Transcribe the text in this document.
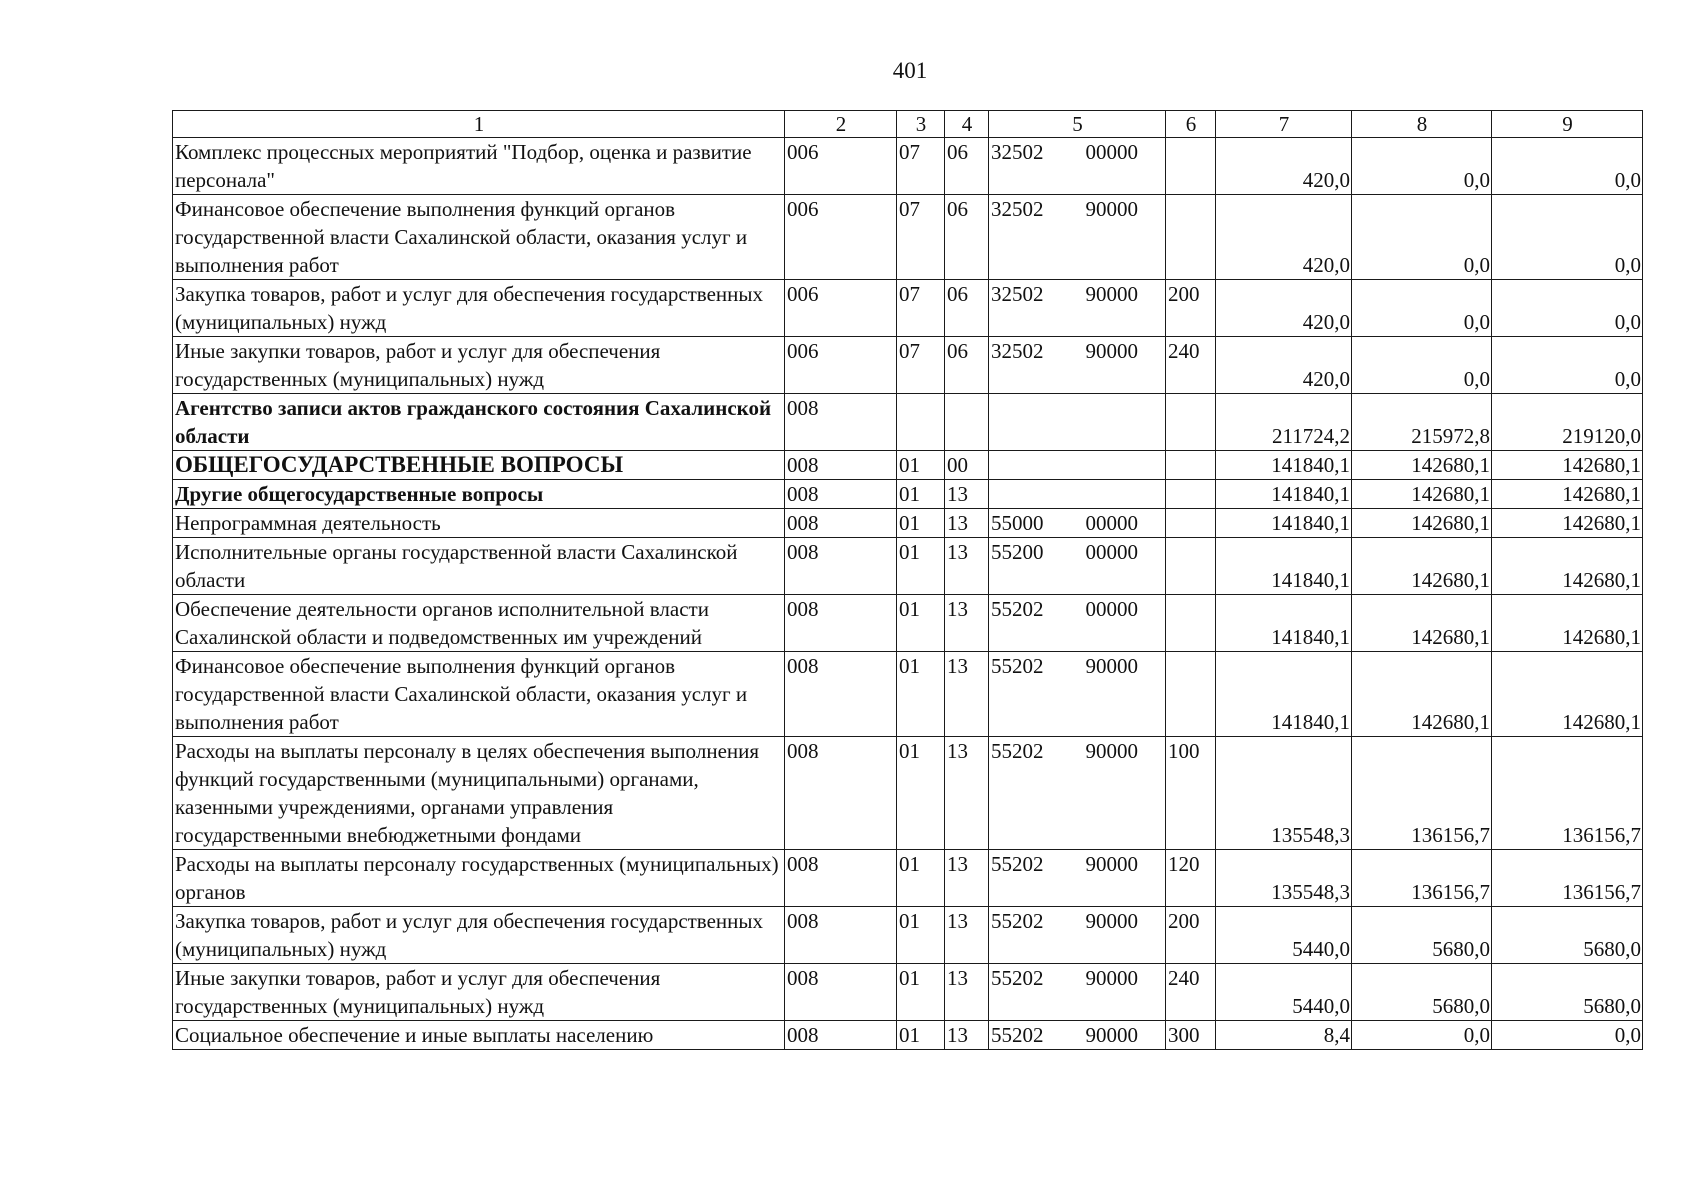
401
1	2	3	4	5		6	7	8	9
Комплекс процессных мероприятий "Подбор, оценка и развитие персонала"	006	07	06	32502	00000		420,0	0,0	0,0
Финансовое обеспечение выполнения функций органов государственной власти Сахалинской области, оказания услуг и выполнения работ	006	07	06	32502	90000		420,0	0,0	0,0
Закупка товаров, работ и услуг для обеспечения государственных (муниципальных) нужд	006	07	06	32502	90000	200	420,0	0,0	0,0
Иные закупки товаров, работ и услуг для обеспечения государственных (муниципальных) нужд	006	07	06	32502	90000	240	420,0	0,0	0,0
Агентство записи актов гражданского состояния Сахалинской области	008						211724,2	215972,8	219120,0
ОБЩЕГОСУДАРСТВЕННЫЕ ВОПРОСЫ	008	01	00				141840,1	142680,1	142680,1
Другие общегосударственные вопросы	008	01	13				141840,1	142680,1	142680,1
Непрограммная деятельность	008	01	13	55000	00000		141840,1	142680,1	142680,1
Исполнительные органы государственной власти Сахалинской области	008	01	13	55200	00000		141840,1	142680,1	142680,1
Обеспечение деятельности органов исполнительной власти Сахалинской области и подведомственных им учреждений	008	01	13	55202	00000		141840,1	142680,1	142680,1
Финансовое обеспечение выполнения функций органов государственной власти Сахалинской области, оказания услуг и выполнения работ	008	01	13	55202	90000		141840,1	142680,1	142680,1
Расходы на выплаты персоналу в целях обеспечения выполнения функций государственными (муниципальными) органами, казенными учреждениями, органами управления государственными внебюджетными фондами	008	01	13	55202	90000	100	135548,3	136156,7	136156,7
Расходы на выплаты персоналу государственных (муниципальных) органов	008	01	13	55202	90000	120	135548,3	136156,7	136156,7
Закупка товаров, работ и услуг для обеспечения государственных (муниципальных) нужд	008	01	13	55202	90000	200	5440,0	5680,0	5680,0
Иные закупки товаров, работ и услуг для обеспечения государственных (муниципальных) нужд	008	01	13	55202	90000	240	5440,0	5680,0	5680,0
Социальное обеспечение и иные выплаты населению	008	01	13	55202	90000	300	8,4	0,0	0,0
